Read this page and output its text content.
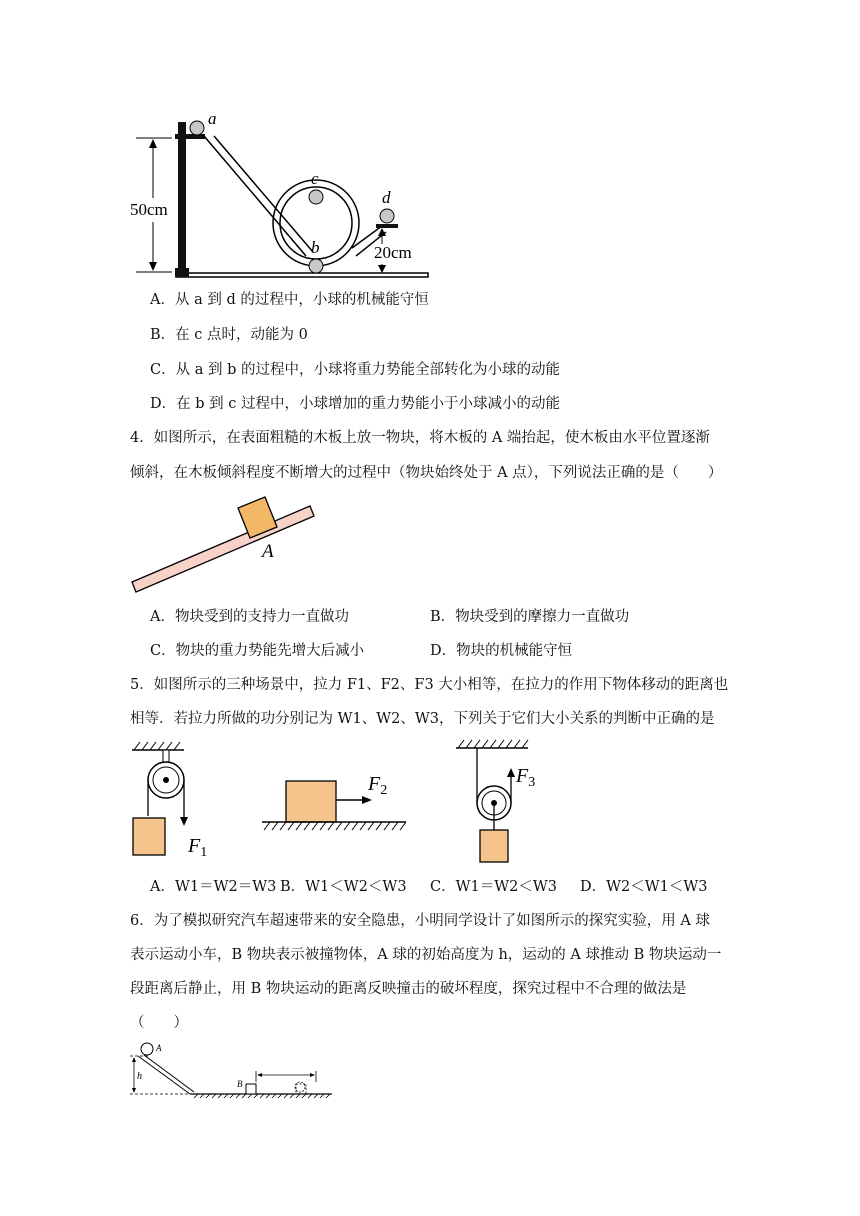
a
c
b
d
50cm
20cm
A．从 a 到 d 的过程中，小球的机械能守恒
B．在 c 点时，动能为 0
C．从 a 到 b 的过程中，小球将重力势能全部转化为小球的动能
D．在 b 到 c 过程中，小球增加的重力势能小于小球减小的动能
4．如图所示，在表面粗糙的木板上放一物块，将木板的 A 端抬起，使木板由水平位置逐渐
倾斜，在木板倾斜程度不断增大的过程中（物块始终处于 A 点），下列说法正确的是（　　）
A
A．物块受到的支持力一直做功	B．物块受到的摩擦力一直做功
C．物块的重力势能先增大后减小	D．物块的机械能守恒
5．如图所示的三种场景中，拉力 F1、F2、F3 大小相等，在拉力的作用下物体移动的距离也
相等．若拉力所做的功分别记为 W1、W2、W3，下列关于它们大小关系的判断中正确的是
$F_1$
$F_2$
$F_3$
A．W1＝W2＝W3 B．W1＜W2＜W3 C．W1＝W2＜W3 D．W2＜W1＜W3
6．为了模拟研究汽车超速带来的安全隐患，小明同学设计了如图所示的探究实验，用 A 球
表示运动小车，B 物块表示被撞物体，A 球的初始高度为 h，运动的 A 球推动 B 物块运动一
段距离后静止，用 B 物块运动的距离反映撞击的破坏程度，探究过程中不合理的做法是
（　　）
A
h
B
